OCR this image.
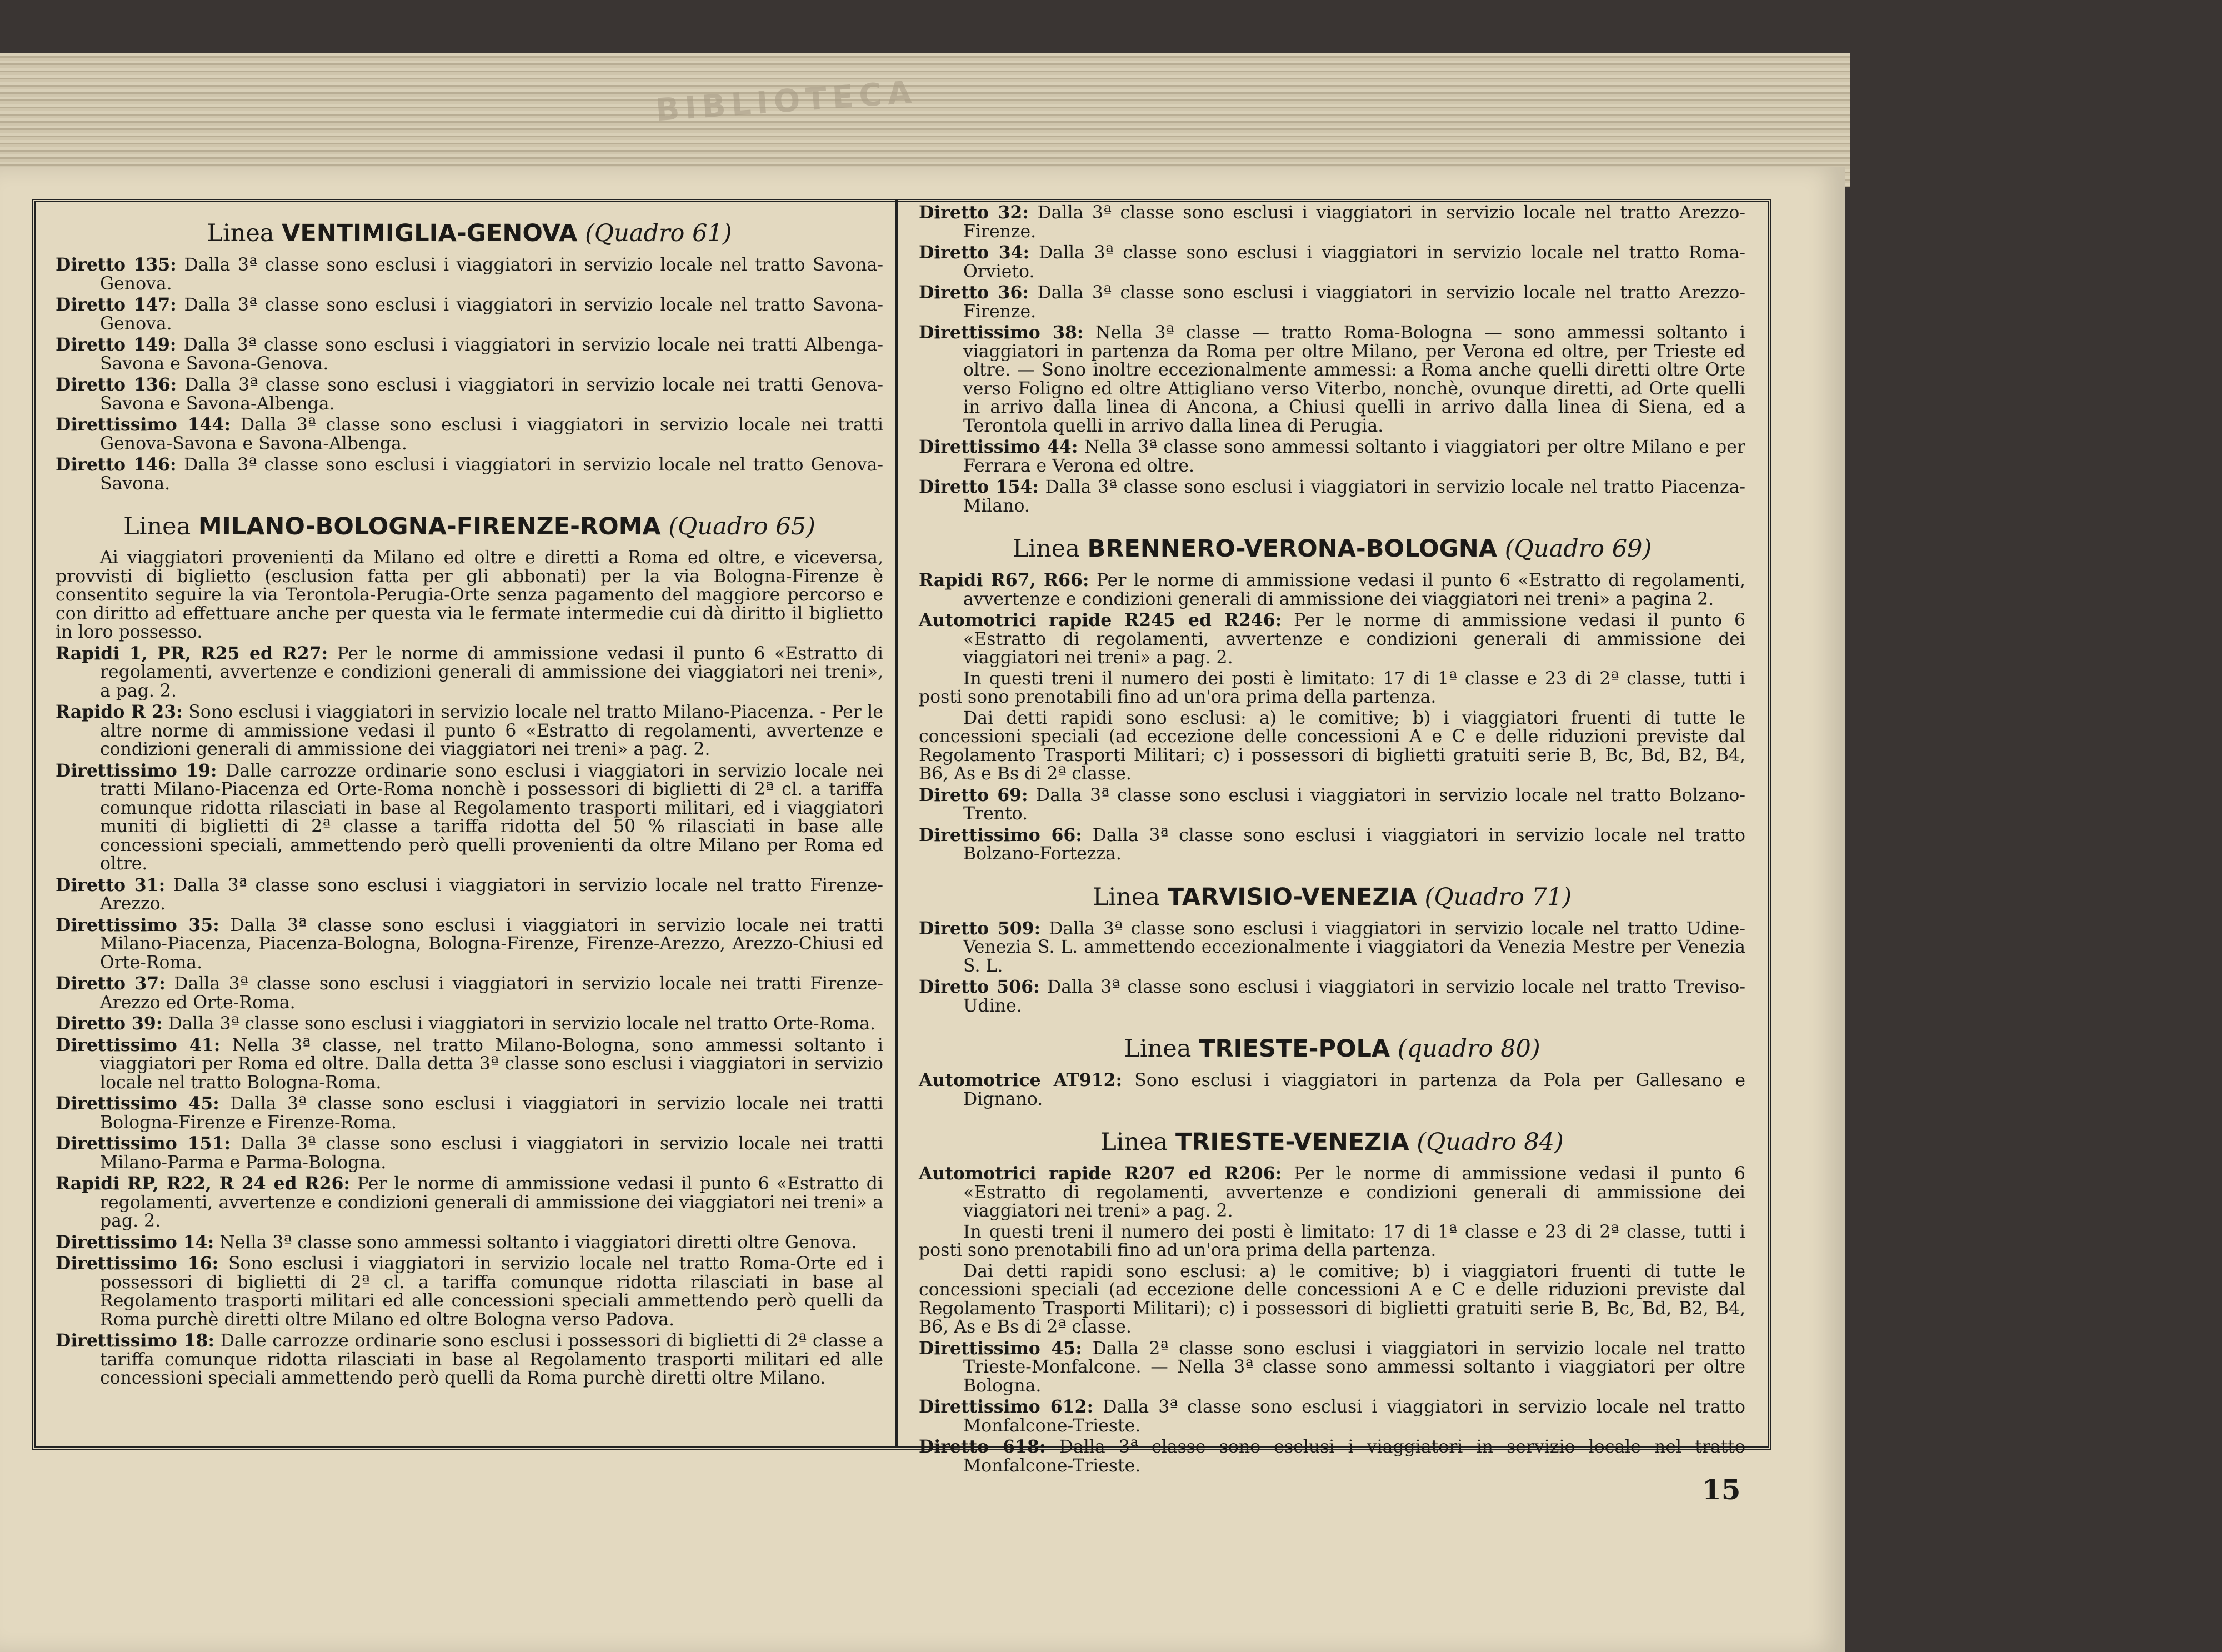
BIBLIOTECA
Linea VENTIMIGLIA-GENOVA (Quadro 61)

Diretto 135: Dalla 3ª classe sono esclusi i viaggiatori in servizio locale nel tratto Savona-Genova.

Diretto 147: Dalla 3ª classe sono esclusi i viaggiatori in servizio locale nel tratto Savona-Genova.

Diretto 149: Dalla 3ª classe sono esclusi i viaggiatori in servizio locale nei tratti Albenga-Savona e Savona-Genova.

Diretto 136: Dalla 3ª classe sono esclusi i viaggiatori in servizio locale nei tratti Genova-Savona e Savona-Albenga.

Direttissimo 144: Dalla 3ª classe sono esclusi i viaggiatori in servizio locale nei tratti Genova-Savona e Savona-Albenga.

Diretto 146: Dalla 3ª classe sono esclusi i viaggiatori in servizio locale nel tratto Genova-Savona.

Linea MILANO-BOLOGNA-FIRENZE-ROMA (Quadro 65)

Ai viaggiatori provenienti da Milano ed oltre e diretti a Roma ed oltre, e viceversa, provvisti di biglietto (esclusion fatta per gli abbonati) per la via Bologna-Firenze è consentito seguire la via Terontola-Perugia-Orte senza pagamento del maggiore percorso e con diritto ad effettuare anche per questa via le fermate intermedie cui dà diritto il biglietto in loro possesso.

Rapidi 1, PR, R25 ed R27: Per le norme di ammissione vedasi il punto 6 «Estratto di regolamenti, avvertenze e condizioni generali di ammissione dei viaggiatori nei treni», a pag. 2.

Rapido R 23: Sono esclusi i viaggiatori in servizio locale nel tratto Milano-Piacenza. - Per le altre norme di ammissione vedasi il punto 6 «Estratto di regolamenti, avvertenze e condizioni generali di ammissione dei viaggiatori nei treni» a pag. 2.

Direttissimo 19: Dalle carrozze ordinarie sono esclusi i viaggiatori in servizio locale nei tratti Milano-Piacenza ed Orte-Roma nonchè i possessori di biglietti di 2ª cl. a tariffa comunque ridotta rilasciati in base al Regolamento trasporti militari, ed i viaggiatori muniti di biglietti di 2ª classe a tariffa ridotta del 50 % rilasciati in base alle concessioni speciali, ammettendo però quelli provenienti da oltre Milano per Roma ed oltre.

Diretto 31: Dalla 3ª classe sono esclusi i viaggiatori in servizio locale nel tratto Firenze-Arezzo.

Direttissimo 35: Dalla 3ª classe sono esclusi i viaggiatori in servizio locale nei tratti Milano-Piacenza, Piacenza-Bologna, Bologna-Firenze, Firenze-Arezzo, Arezzo-Chiusi ed Orte-Roma.

Diretto 37: Dalla 3ª classe sono esclusi i viaggiatori in servizio locale nei tratti Firenze-Arezzo ed Orte-Roma.

Diretto 39: Dalla 3ª classe sono esclusi i viaggiatori in servizio locale nel tratto Orte-Roma.

Direttissimo 41: Nella 3ª classe, nel tratto Milano-Bologna, sono ammessi soltanto i viaggiatori per Roma ed oltre. Dalla detta 3ª classe sono esclusi i viaggiatori in servizio locale nel tratto Bologna-Roma.

Direttissimo 45: Dalla 3ª classe sono esclusi i viaggiatori in servizio locale nei tratti Bologna-Firenze e Firenze-Roma.

Direttissimo 151: Dalla 3ª classe sono esclusi i viaggiatori in servizio locale nei tratti Milano-Parma e Parma-Bologna.

Rapidi RP, R22, R 24 ed R26: Per le norme di ammissione vedasi il punto 6 «Estratto di regolamenti, avvertenze e condizioni generali di ammissione dei viaggiatori nei treni» a pag. 2.

Direttissimo 14: Nella 3ª classe sono ammessi soltanto i viaggiatori diretti oltre Genova.

Direttissimo 16: Sono esclusi i viaggiatori in servizio locale nel tratto Roma-Orte ed i possessori di biglietti di 2ª cl. a tariffa comunque ridotta rilasciati in base al Regolamento trasporti militari ed alle concessioni speciali ammettendo però quelli da Roma purchè diretti oltre Milano ed oltre Bologna verso Padova.

Direttissimo 18: Dalle carrozze ordinarie sono esclusi i possessori di biglietti di 2ª classe a tariffa comunque ridotta rilasciati in base al Regolamento trasporti militari ed alle concessioni speciali ammettendo però quelli da Roma purchè diretti oltre Milano.

Diretto 32: Dalla 3ª classe sono esclusi i viaggiatori in servizio locale nel tratto Arezzo-Firenze.

Diretto 34: Dalla 3ª classe sono esclusi i viaggiatori in servizio locale nel tratto Roma-Orvieto.

Diretto 36: Dalla 3ª classe sono esclusi i viaggiatori in servizio locale nel tratto Arezzo-Firenze.

Direttissimo 38: Nella 3ª classe — tratto Roma-Bologna — sono ammessi soltanto i viaggiatori in partenza da Roma per oltre Milano, per Verona ed oltre, per Trieste ed oltre. — Sono inoltre eccezionalmente ammessi: a Roma anche quelli diretti oltre Orte verso Foligno ed oltre Attigliano verso Viterbo, nonchè, ovunque diretti, ad Orte quelli in arrivo dalla linea di Ancona, a Chiusi quelli in arrivo dalla linea di Siena, ed a Terontola quelli in arrivo dalla linea di Perugia.

Direttissimo 44: Nella 3ª classe sono ammessi soltanto i viaggiatori per oltre Milano e per Ferrara e Verona ed oltre.

Diretto 154: Dalla 3ª classe sono esclusi i viaggiatori in servizio locale nel tratto Piacenza-Milano.

Linea BRENNERO-VERONA-BOLOGNA (Quadro 69)

Rapidi R67, R66: Per le norme di ammissione vedasi il punto 6 «Estratto di regolamenti, avvertenze e condizioni generali di ammissione dei viaggiatori nei treni» a pagina 2.

Automotrici rapide R245 ed R246: Per le norme di ammissione vedasi il punto 6 «Estratto di regolamenti, avvertenze e condizioni generali di ammissione dei viaggiatori nei treni» a pag. 2.

In questi treni il numero dei posti è limitato: 17 di 1ª classe e 23 di 2ª classe, tutti i posti sono prenotabili fino ad un'ora prima della partenza.

Dai detti rapidi sono esclusi: a) le comitive; b) i viaggiatori fruenti di tutte le concessioni speciali (ad eccezione delle concessioni A e C e delle riduzioni previste dal Regolamento Trasporti Militari; c) i possessori di biglietti gratuiti serie B, Bc, Bd, B2, B4, B6, As e Bs di 2ª classe.

Diretto 69: Dalla 3ª classe sono esclusi i viaggiatori in servizio locale nel tratto Bolzano-Trento.

Direttissimo 66: Dalla 3ª classe sono esclusi i viaggiatori in servizio locale nel tratto Bolzano-Fortezza.

Linea TARVISIO-VENEZIA (Quadro 71)

Diretto 509: Dalla 3ª classe sono esclusi i viaggiatori in servizio locale nel tratto Udine-Venezia S. L. ammettendo eccezionalmente i viaggiatori da Venezia Mestre per Venezia S. L.

Diretto 506: Dalla 3ª classe sono esclusi i viaggiatori in servizio locale nel tratto Treviso-Udine.

Linea TRIESTE-POLA (quadro 80)

Automotrice AT912: Sono esclusi i viaggiatori in partenza da Pola per Gallesano e Dignano.

Linea TRIESTE-VENEZIA (Quadro 84)

Automotrici rapide R207 ed R206: Per le norme di ammissione vedasi il punto 6 «Estratto di regolamenti, avvertenze e condizioni generali di ammissione dei viaggiatori nei treni» a pag. 2.

In questi treni il numero dei posti è limitato: 17 di 1ª classe e 23 di 2ª classe, tutti i posti sono prenotabili fino ad un'ora prima della partenza.

Dai detti rapidi sono esclusi: a) le comitive; b) i viaggiatori fruenti di tutte le concessioni speciali (ad eccezione delle concessioni A e C e delle riduzioni previste dal Regolamento Trasporti Militari); c) i possessori di biglietti gratuiti serie B, Bc, Bd, B2, B4, B6, As e Bs di 2ª classe.

Direttissimo 45: Dalla 2ª classe sono esclusi i viaggiatori in servizio locale nel tratto Trieste-Monfalcone. — Nella 3ª classe sono ammessi soltanto i viaggiatori per oltre Bologna.

Direttissimo 612: Dalla 3ª classe sono esclusi i viaggiatori in servizio locale nel tratto Monfalcone-Trieste.

Diretto 618: Dalla 3ª classe sono esclusi i viaggiatori in servizio locale nel tratto Monfalcone-Trieste.

15
